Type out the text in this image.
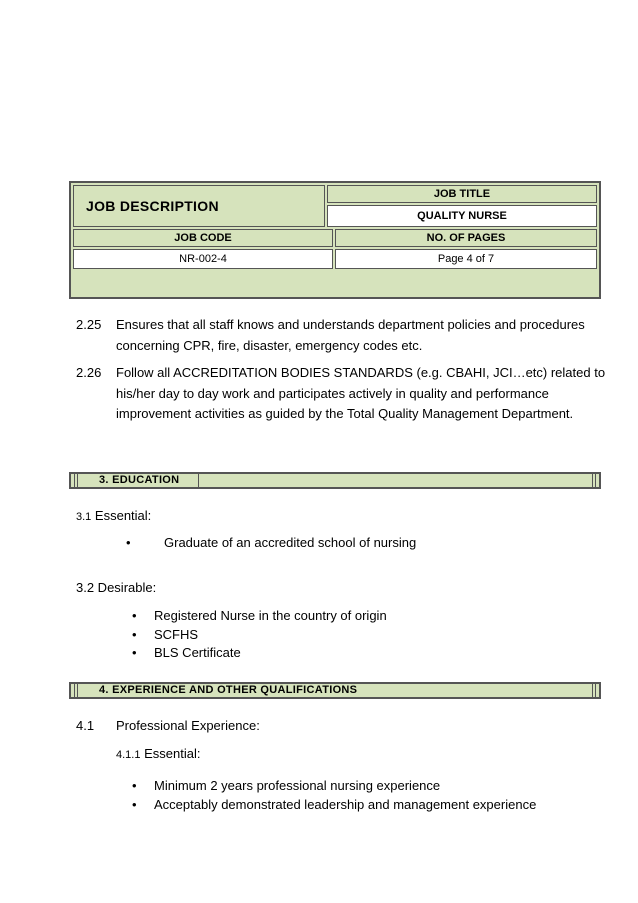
JOB DESCRIPTION
JOB TITLE
QUALITY NURSE
JOB CODE	NO. OF PAGES
NR-002-4	Page 4 of 7
2.25 Ensures that all staff knows and understands department policies and procedures concerning CPR, fire, disaster, emergency codes etc.
2.26 Follow all ACCREDITATION BODIES STANDARDS (e.g. CBAHI, JCI…etc) related to his/her day to day work and participates actively in quality and performance improvement activities as guided by the Total Quality Management Department.
3. EDUCATION
3.1 Essential:
•	Graduate of an accredited school of nursing
3.2 Desirable:
• Registered Nurse in the country of origin
• SCFHS
• BLS Certificate
4. EXPERIENCE AND OTHER QUALIFICATIONS
4.1 Professional Experience:
4.1.1 Essential:
• Minimum 2 years professional nursing experience
• Acceptably demonstrated leadership and management experience
